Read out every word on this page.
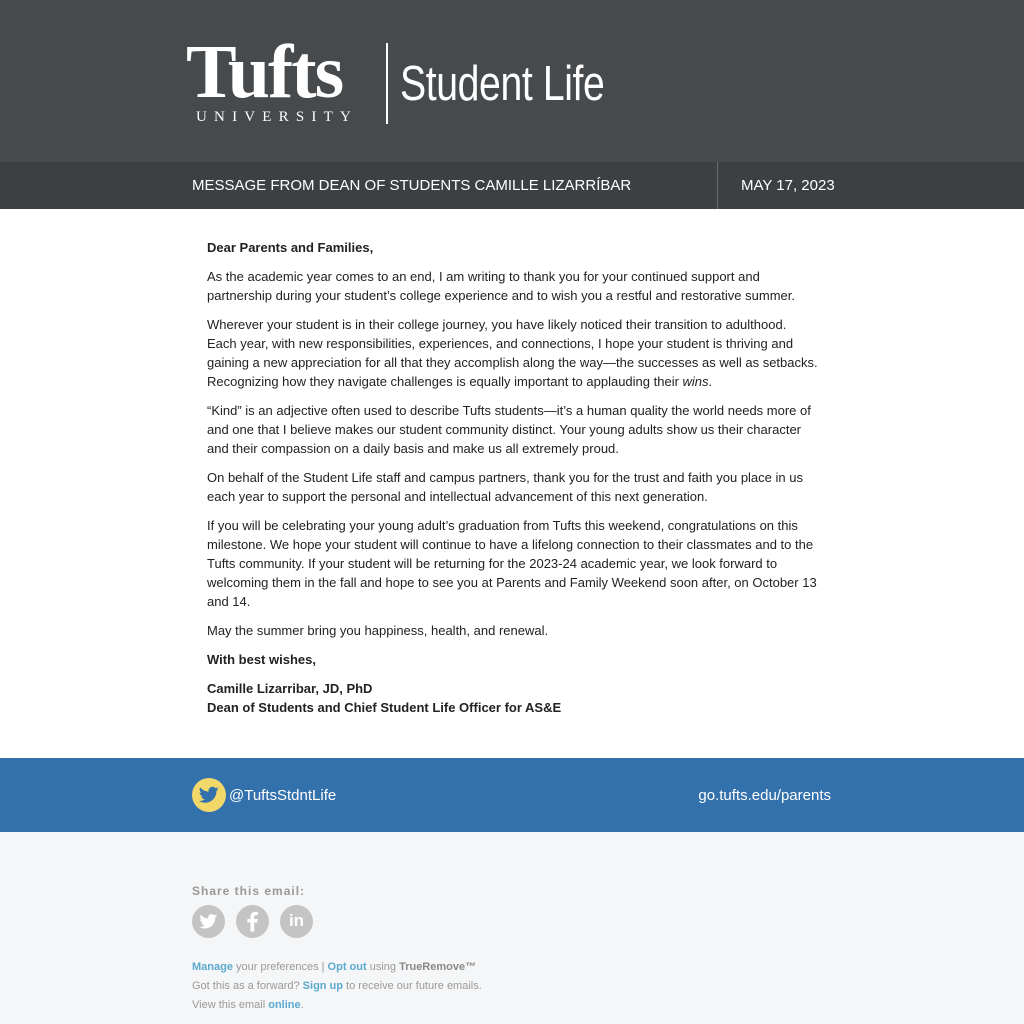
Tufts
UNIVERSITY
Student Life
MESSAGE FROM DEAN OF STUDENTS CAMILLE LIZARRÍBAR	MAY 17, 2023

Dear Parents and Families,

As the academic year comes to an end, I am writing to thank you for your continued support and partnership during your student’s college experience and to wish you a restful and restorative summer.

Wherever your student is in their college journey, you have likely noticed their transition to adulthood. Each year, with new responsibilities, experiences, and connections, I hope your student is thriving and gaining a new appreciation for all that they accomplish along the way—the successes as well as setbacks. Recognizing how they navigate challenges is equally important to applauding their wins.

“Kind” is an adjective often used to describe Tufts students—it’s a human quality the world needs more of and one that I believe makes our student community distinct. Your young adults show us their character and their compassion on a daily basis and make us all extremely proud.

On behalf of the Student Life staff and campus partners, thank you for the trust and faith you place in us each year to support the personal and intellectual advancement of this next generation.

If you will be celebrating your young adult’s graduation from Tufts this weekend, congratulations on this milestone. We hope your student will continue to have a lifelong connection to their classmates and to the Tufts community. If your student will be returning for the 2023-24 academic year, we look forward to welcoming them in the fall and hope to see you at Parents and Family Weekend soon after, on October 13 and 14.

May the summer bring you happiness, health, and renewal.

With best wishes,

Camille Lizarribar, JD, PhD

Dean of Students and Chief Student Life Officer for AS&E

@TuftsStdntLife	go.tufts.edu/parents
Share this email:
in
Manage your preferences | Opt out using TrueRemove™
Got this as a forward? Sign up to receive our future emails.
View this email online.
